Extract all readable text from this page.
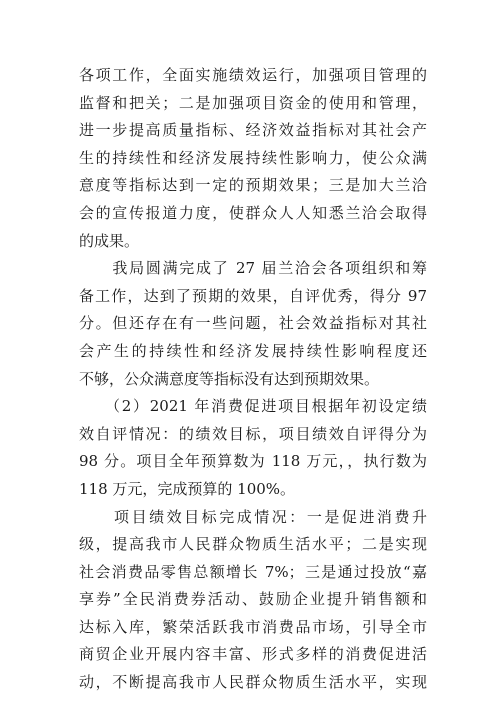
各项工作，全面实施绩效运行，加强项目管理的
监督和把关；二是加强项目资金的使用和管理，
进一步提高质量指标、经济效益指标对其社会产
生的持续性和经济发展持续性影响力，使公众满
意度等指标达到一定的预期效果；三是加大兰洽
会的宣传报道力度，使群众人人知悉兰洽会取得
的成果。
　　我局圆满完成了 27 届兰洽会各项组织和筹
备工作，达到了预期的效果，自评优秀，得分 97
分。但还存在有一些问题，社会效益指标对其社
会产生的持续性和经济发展持续性影响程度还
不够，公众满意度等指标没有达到预期效果。
　　（2）2021 年消费促进项目根据年初设定绩
效自评情况：的绩效目标，项目绩效自评得分为
98 分。项目全年预算数为 118 万元，，执行数为
118 万元，完成预算的 100%。
　　项目绩效目标完成情况：一是促进消费升
级，提高我市人民群众物质生活水平；二是实现
社会消费品零售总额增长 7%；三是通过投放“嘉
享券”全民消费券活动、鼓励企业提升销售额和
达标入库，繁荣活跃我市消费品市场，引导全市
商贸企业开展内容丰富、形式多样的消费促进活
动，不断提高我市人民群众物质生活水平，实现
